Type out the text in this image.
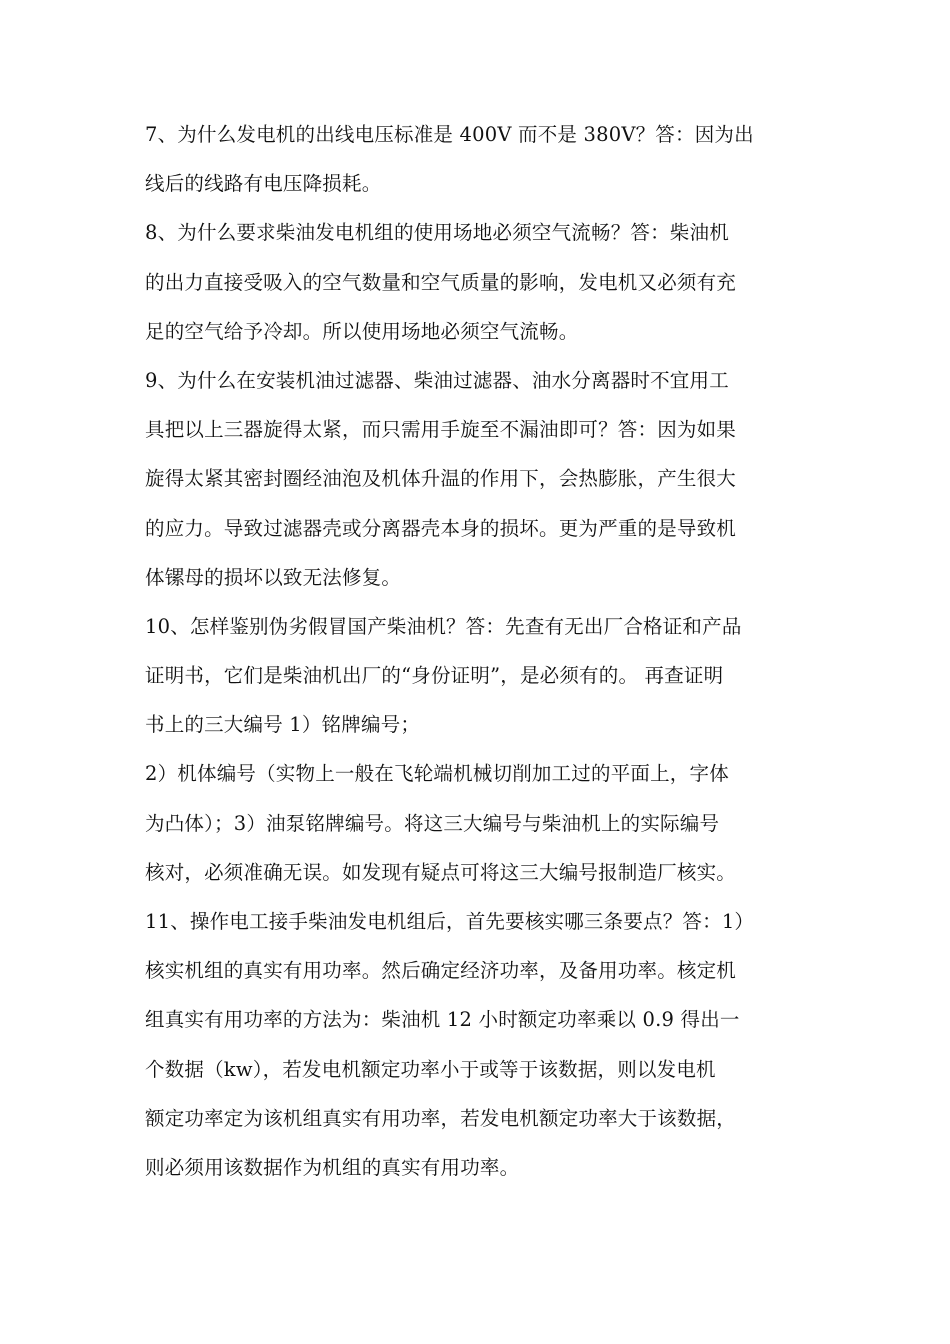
7、为什么发电机的出线电压标准是 400V 而不是 380V？答：因为出
线后的线路有电压降损耗。
8、为什么要求柴油发电机组的使用场地必须空气流畅？答：柴油机
的出力直接受吸入的空气数量和空气质量的影响，发电机又必须有充
足的空气给予冷却。所以使用场地必须空气流畅。
9、为什么在安装机油过滤器、柴油过滤器、油水分离器时不宜用工
具把以上三器旋得太紧，而只需用手旋至不漏油即可？答：因为如果
旋得太紧其密封圈经油泡及机体升温的作用下，会热膨胀，产生很大
的应力。导致过滤器壳或分离器壳本身的损坏。更为严重的是导致机
体镙母的损坏以致无法修复。
10、怎样鉴别伪劣假冒国产柴油机？答：先查有无出厂合格证和产品
证明书，它们是柴油机出厂的“身份证明”，是必须有的。 再查证明
书上的三大编号 1）铭牌编号；
2）机体编号（实物上一般在飞轮端机械切削加工过的平面上，字体
为凸体）；3）油泵铭牌编号。将这三大编号与柴油机上的实际编号
核对，必须准确无误。如发现有疑点可将这三大编号报制造厂核实。
11、操作电工接手柴油发电机组后，首先要核实哪三条要点？答：1）
核实机组的真实有用功率。然后确定经济功率，及备用功率。核定机
组真实有用功率的方法为：柴油机 12 小时额定功率乘以 0.9 得出一
个数据（kw），若发电机额定功率小于或等于该数据，则以发电机
额定功率定为该机组真实有用功率，若发电机额定功率大于该数据，
则必须用该数据作为机组的真实有用功率。
